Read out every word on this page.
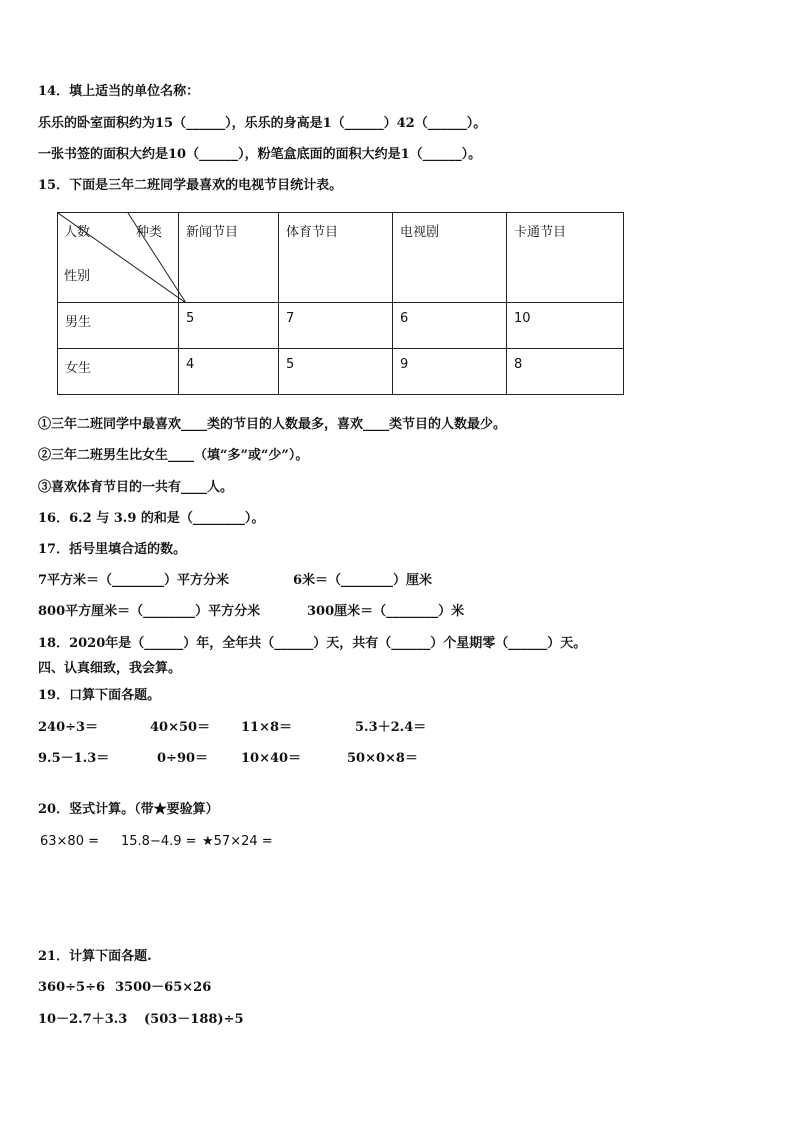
14．填上适当的单位名称：
乐乐的卧室面积约为15（______），乐乐的身高是1（______）42（______）。
一张书签的面积大约是10（______），粉笔盒底面的面积大约是1（______）。
15．下面是三年二班同学最喜欢的电视节目统计表。
人数 种类
性别	新闻节目	体育节目	电视剧	卡通节目
男生	5	7	6	10
女生	4	5	9	8
①三年二班同学中最喜欢____类的节目的人数最多，喜欢____类节目的人数最少。
②三年二班男生比女生____（填“多”或“少”）。
③喜欢体育节目的一共有____人。
16．6.2 与 3.9 的和是（________）。
17．括号里填合适的数。
7平方米＝（________）平方分米	6米＝（________）厘米
800平方厘米＝（________）平方分米	300厘米＝（________）米
18．2020年是（______）年，全年共（______）天，共有（______）个星期零（______）天。
四、认真细致，我会算。
19．口算下面各题。
240÷3＝	40×50＝ 11×8＝	5.3＋2.4＝
9.5－1.3＝	0÷90＝	10×40＝	50×0×8＝
20．竖式计算。（带★要验算）
63×80 = 15.8−4.9 = ★57×24 =
21．计算下面各题.
360÷5÷6 3500－65×26
10－2.7＋3.3 (503－188)÷5
